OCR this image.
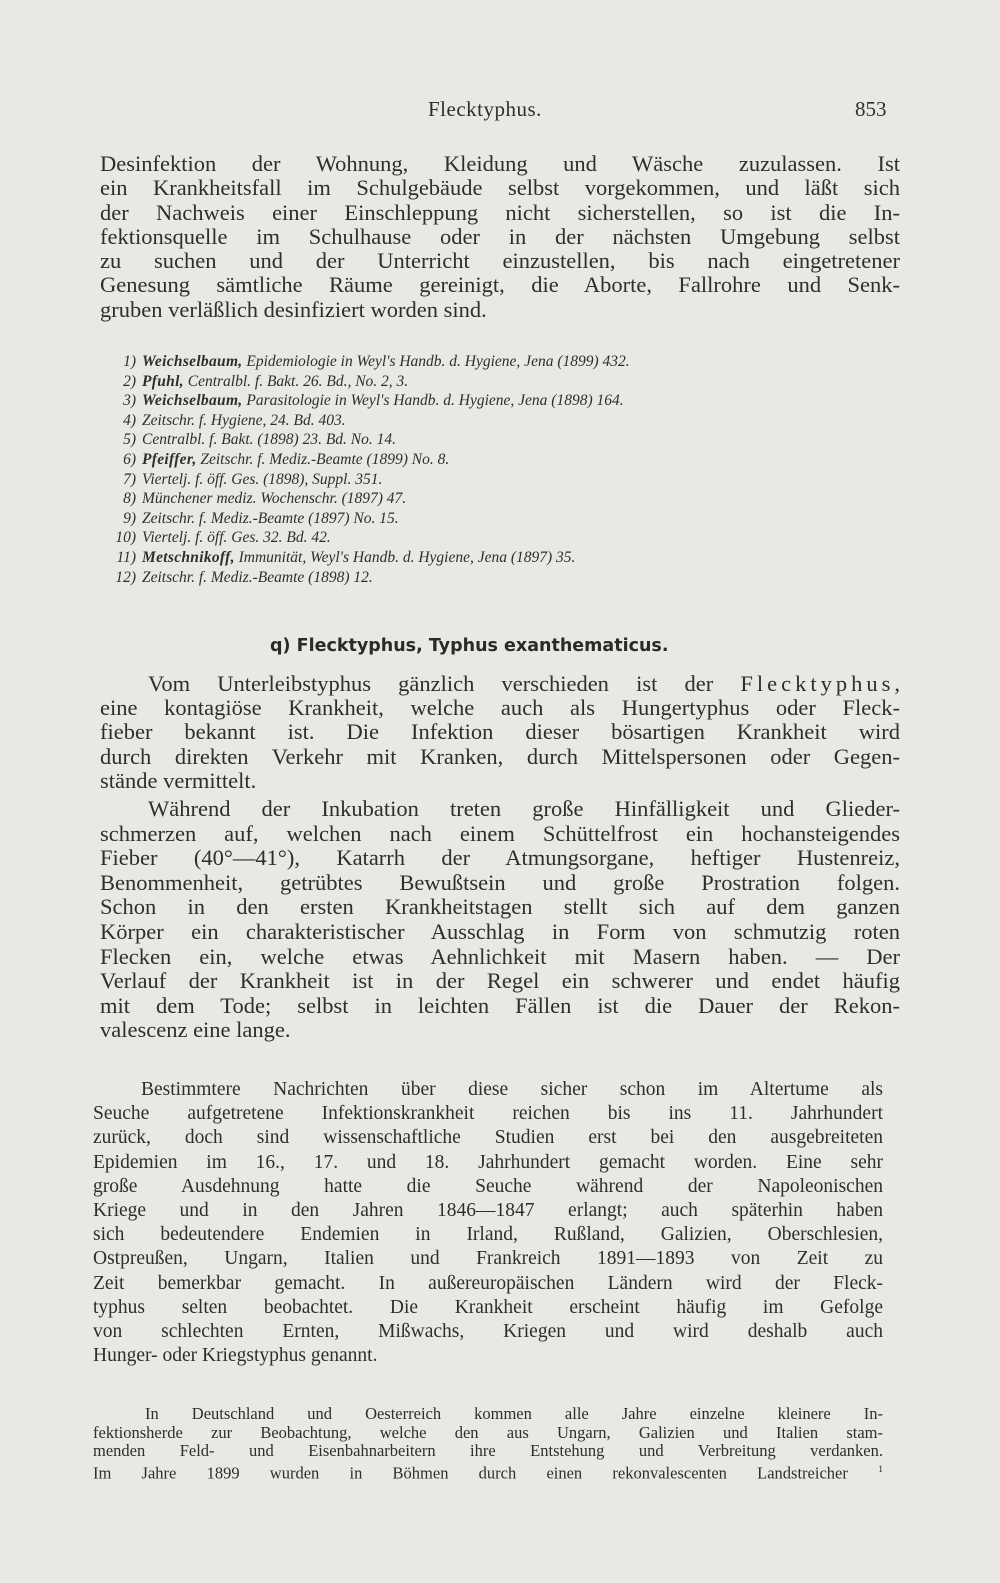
Flecktyphus.	853
Desinfektion der Wohnung, Kleidung und Wäsche zuzulassen. Ist
ein Krankheitsfall im Schulgebäude selbst vorgekommen, und läßt sich
der Nachweis einer Einschleppung nicht sicherstellen, so ist die In-
fektionsquelle im Schulhause oder in der nächsten Umgebung selbst
zu suchen und der Unterricht einzustellen, bis nach eingetretener
Genesung sämtliche Räume gereinigt, die Aborte, Fallrohre und Senk-
gruben verläßlich desinfiziert worden sind.
1) Weichselbaum, Epidemiologie in Weyl's Handb. d. Hygiene, Jena (1899) 432.
2) Pfuhl, Centralbl. f. Bakt. 26. Bd., No. 2, 3.
3) Weichselbaum, Parasitologie in Weyl's Handb. d. Hygiene, Jena (1898) 164.
4) Zeitschr. f. Hygiene, 24. Bd. 403.
5) Centralbl. f. Bakt. (1898) 23. Bd. No. 14.
6) Pfeiffer, Zeitschr. f. Mediz.-Beamte (1899) No. 8.
7) Viertelj. f. öff. Ges. (1898), Suppl. 351.
8) Münchener mediz. Wochenschr. (1897) 47.
9) Zeitschr. f. Mediz.-Beamte (1897) No. 15.
10) Viertelj. f. öff. Ges. 32. Bd. 42.
11) Metschnikoff, Immunität, Weyl's Handb. d. Hygiene, Jena (1897) 35.
12) Zeitschr. f. Mediz.-Beamte (1898) 12.
q) Flecktyphus, Typhus exanthematicus.
Vom Unterleibstyphus gänzlich verschieden ist der Flecktyphus,
eine kontagiöse Krankheit, welche auch als Hungertyphus oder Fleck-
fieber bekannt ist. Die Infektion dieser bösartigen Krankheit wird
durch direkten Verkehr mit Kranken, durch Mittelspersonen oder Gegen-
stände vermittelt.
Während der Inkubation treten große Hinfälligkeit und Glieder-
schmerzen auf, welchen nach einem Schüttelfrost ein hochansteigendes
Fieber (40°—41°), Katarrh der Atmungsorgane, heftiger Hustenreiz,
Benommenheit, getrübtes Bewußtsein und große Prostration folgen.
Schon in den ersten Krankheitstagen stellt sich auf dem ganzen
Körper ein charakteristischer Ausschlag in Form von schmutzig roten
Flecken ein, welche etwas Aehnlichkeit mit Masern haben. — Der
Verlauf der Krankheit ist in der Regel ein schwerer und endet häufig
mit dem Tode; selbst in leichten Fällen ist die Dauer der Rekon-
valescenz eine lange.
Bestimmtere Nachrichten über diese sicher schon im Altertume als
Seuche aufgetretene Infektionskrankheit reichen bis ins 11. Jahrhundert
zurück, doch sind wissenschaftliche Studien erst bei den ausgebreiteten
Epidemien im 16., 17. und 18. Jahrhundert gemacht worden. Eine sehr
große Ausdehnung hatte die Seuche während der Napoleonischen
Kriege und in den Jahren 1846—1847 erlangt; auch späterhin haben
sich bedeutendere Endemien in Irland, Rußland, Galizien, Oberschlesien,
Ostpreußen, Ungarn, Italien und Frankreich 1891—1893 von Zeit zu
Zeit bemerkbar gemacht. In außereuropäischen Ländern wird der Fleck-
typhus selten beobachtet. Die Krankheit erscheint häufig im Gefolge
von schlechten Ernten, Mißwachs, Kriegen und wird deshalb auch
Hunger- oder Kriegstyphus genannt.
In Deutschland und Oesterreich kommen alle Jahre einzelne kleinere In-
fektionsherde zur Beobachtung, welche den aus Ungarn, Galizien und Italien stam-
menden Feld- und Eisenbahnarbeitern ihre Entstehung und Verbreitung verdanken.
Im Jahre 1899 wurden in Böhmen durch einen rekonvalescenten Landstreicher	$^1$
